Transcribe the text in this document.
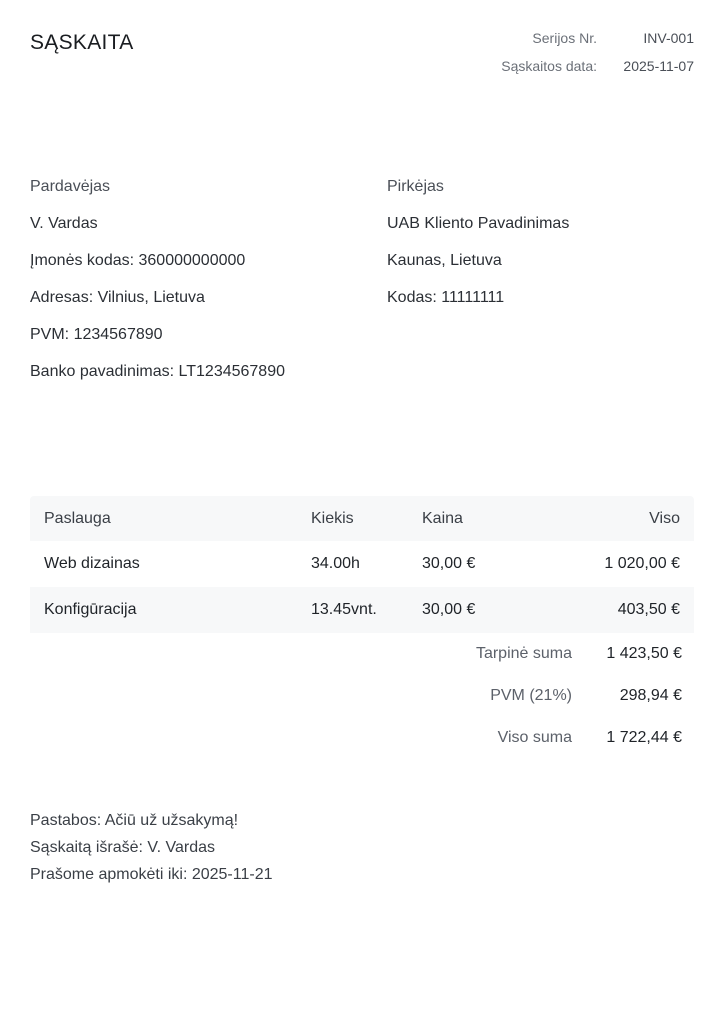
SĄSKAITA	Serijos Nr.	INV-001
Sąskaitos data: 2025-11-07
Pardavėjas
V. Vardas
Įmonės kodas: 360000000000
Adresas: Vilnius, Lietuva
PVM: 1234567890
Banko pavadinimas: LT1234567890
Pirkėjas
UAB Kliento Pavadinimas
Kaunas, Lietuva
Kodas: 11111111
Paslauga	Kiekis	Kaina	Viso
Web dizainas	34.00h	30,00 €	1 020,00 €
Konfigūracija	13.45vnt.	30,00 €	403,50 €
Tarpinė suma 1 423,50 €
PVM (21%)	298,94 €
Viso suma 1 722,44 €
Pastabos: Ačiū už užsakymą!
Sąskaitą išrašė: V. Vardas
Prašome apmokėti iki: 2025-11-21
